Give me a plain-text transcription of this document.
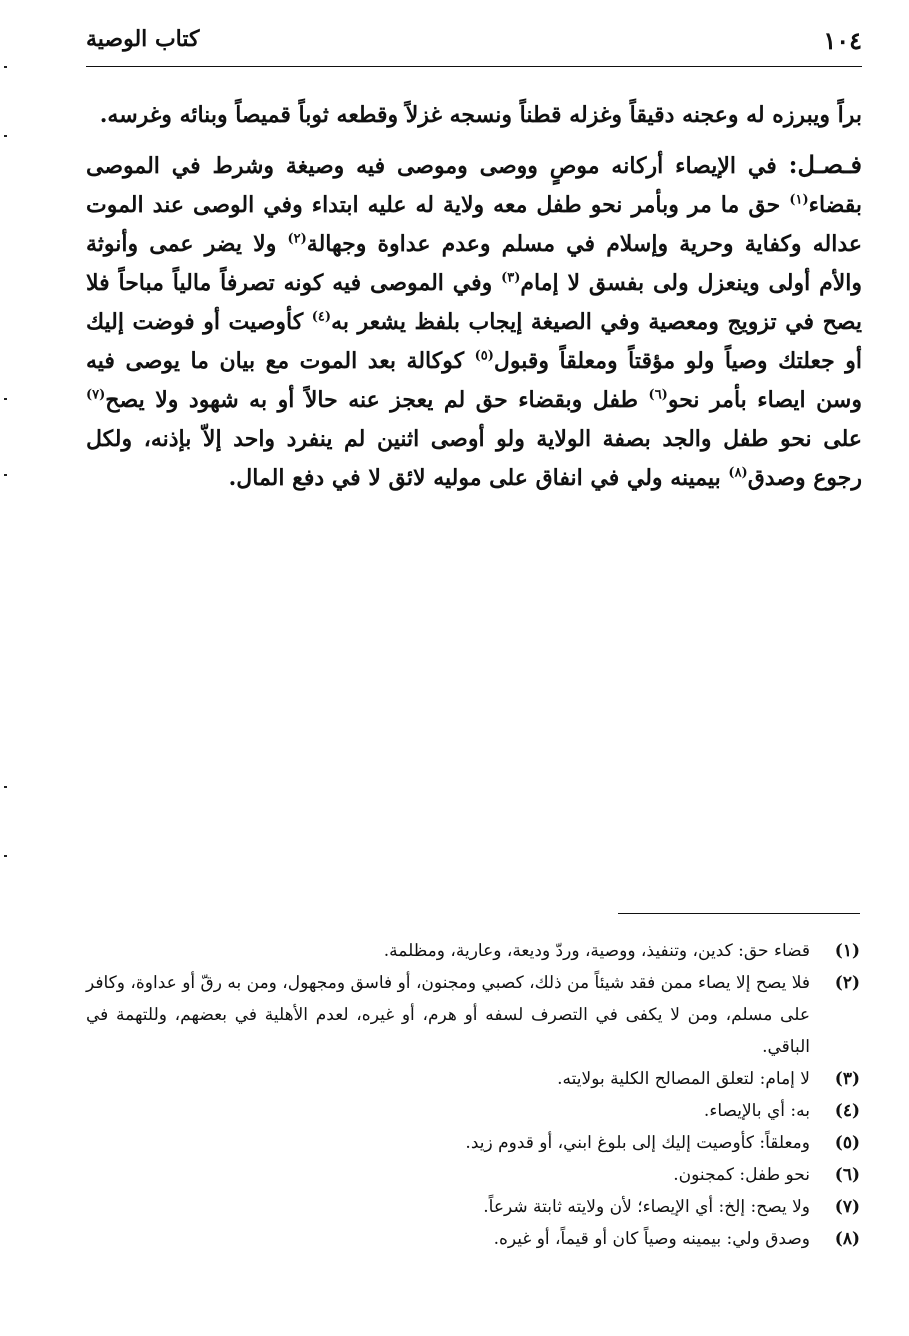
١٠٤
كتاب الوصية

براً ويبرزه له وعجنه دقيقاً وغزله قطناً ونسجه غزلاً وقطعه ثوباً قميصاً وبنائه وغرسه.

فـصـل: في الإيصاء أركانه موصٍ ووصى وموصى فيه وصيغة وشرط في الموصى بقضاء$^{(١)}$ حق ما مر وبأمر نحو طفل معه ولاية له عليه ابتداء وفي الوصى عند الموت عداله وكفاية وحرية وإسلام في مسلم وعدم عداوة وجهالة$^{(٢)}$ ولا يضر عمى وأنوثة والأم أولى وينعزل ولى بفسق لا إمام$^{(٣)}$ وفي الموصى فيه كونه تصرفاً مالياً مباحاً فلا يصح في تزويج ومعصية وفي الصيغة إيجاب بلفظ يشعر به$^{(٤)}$ كأوصيت أو فوضت إليك أو جعلتك وصياً ولو مؤقتاً ومعلقاً وقبول$^{(٥)}$ كوكالة بعد الموت مع بيان ما يوصى فيه وسن ايصاء بأمر نحو$^{(٦)}$ طفل وبقضاء حق لم يعجز عنه حالاً أو به شهود ولا يصح$^{(٧)}$ على نحو طفل والجد بصفة الولاية ولو أوصى اثنين لم ينفرد واحد إلاّ بإذنه، ولكل رجوع وصدق$^{(٨)}$ بيمينه ولي في انفاق على موليه لائق لا في دفع المال.

(١)
قضاء حق: كدين، وتنفيذ، ووصية، وردّ وديعة، وعارية، ومظلمة.
(٢)
فلا يصح إلا يصاء ممن فقد شيئاً من ذلك، كصبي ومجنون، أو فاسق ومجهول، ومن به رقّ أو عداوة، وكافر على مسلم، ومن لا يكفى في التصرف لسفه أو هرم، أو غيره، لعدم الأهلية في بعضهم، وللتهمة في الباقي.
(٣)
لا إمام: لتعلق المصالح الكلية بولايته.
(٤)
به: أي بالإيصاء.
(٥)
ومعلقاً: كأوصيت إليك إلى بلوغ ابني، أو قدوم زيد.
(٦)
نحو طفل: كمجنون.
(٧)
ولا يصح: إلخ: أي الإيصاء؛ لأن ولايته ثابتة شرعاً.
(٨)
وصدق ولي: بيمينه وصياً كان أو قيماً، أو غيره.
